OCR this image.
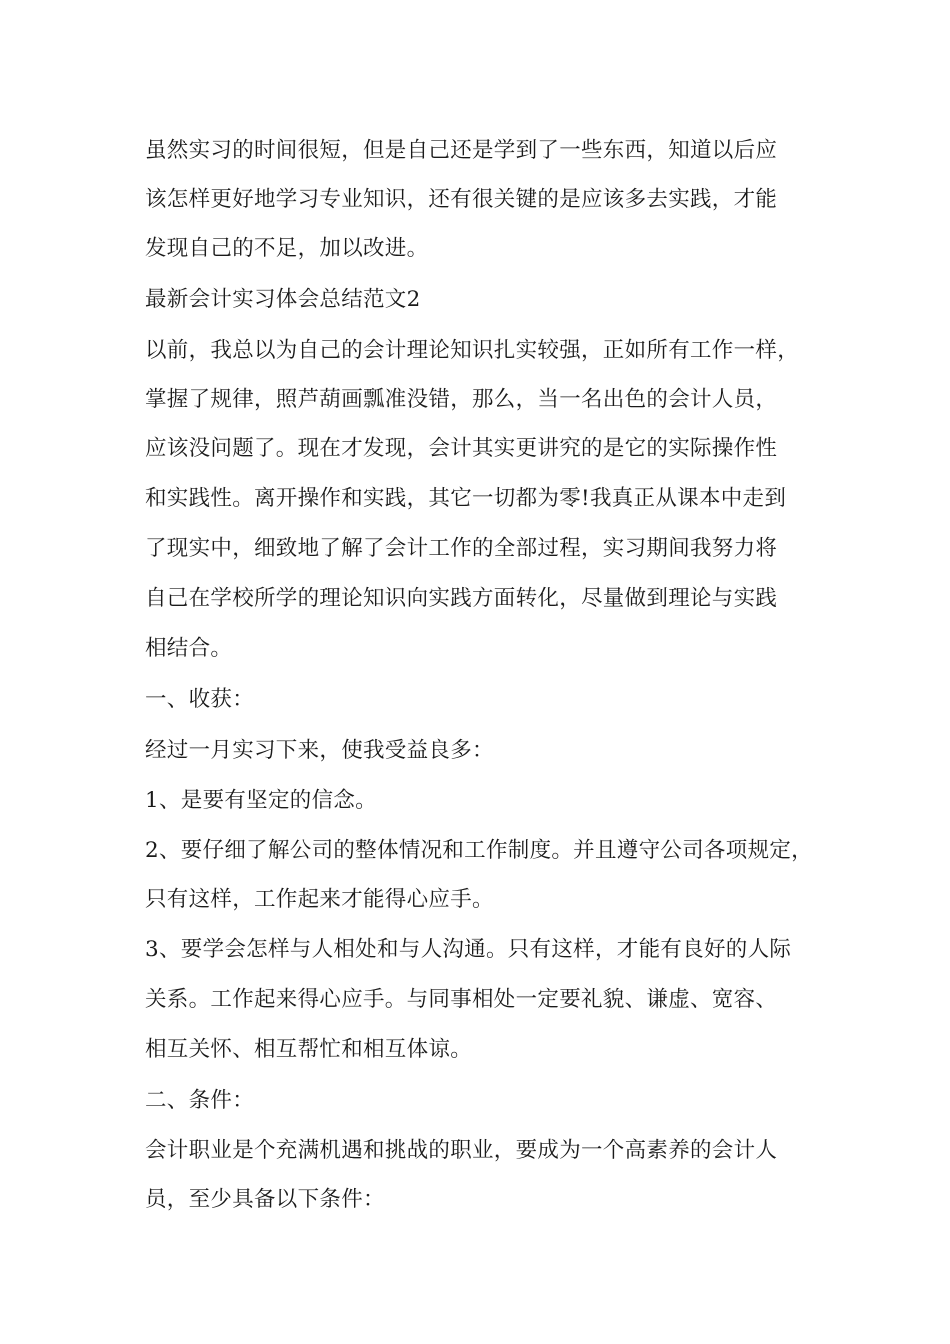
虽然实习的时间很短，但是自己还是学到了一些东西，知道以后应
该怎样更好地学习专业知识，还有很关键的是应该多去实践，才能
发现自己的不足，加以改进。
最新会计实习体会总结范文2
以前，我总以为自己的会计理论知识扎实较强，正如所有工作一样，
掌握了规律，照芦葫画瓢准没错，那么，当一名出色的会计人员，
应该没问题了。现在才发现，会计其实更讲究的是它的实际操作性
和实践性。离开操作和实践，其它一切都为零!我真正从课本中走到
了现实中，细致地了解了会计工作的全部过程，实习期间我努力将
自己在学校所学的理论知识向实践方面转化，尽量做到理论与实践
相结合。
一、收获：
经过一月实习下来，使我受益良多：
1、是要有坚定的信念。
2、要仔细了解公司的整体情况和工作制度。并且遵守公司各项规定，
只有这样，工作起来才能得心应手。
3、要学会怎样与人相处和与人沟通。只有这样，才能有良好的人际
关系。工作起来得心应手。与同事相处一定要礼貌、谦虚、宽容、
相互关怀、相互帮忙和相互体谅。
二、条件：
会计职业是个充满机遇和挑战的职业，要成为一个高素养的会计人
员，至少具备以下条件：
